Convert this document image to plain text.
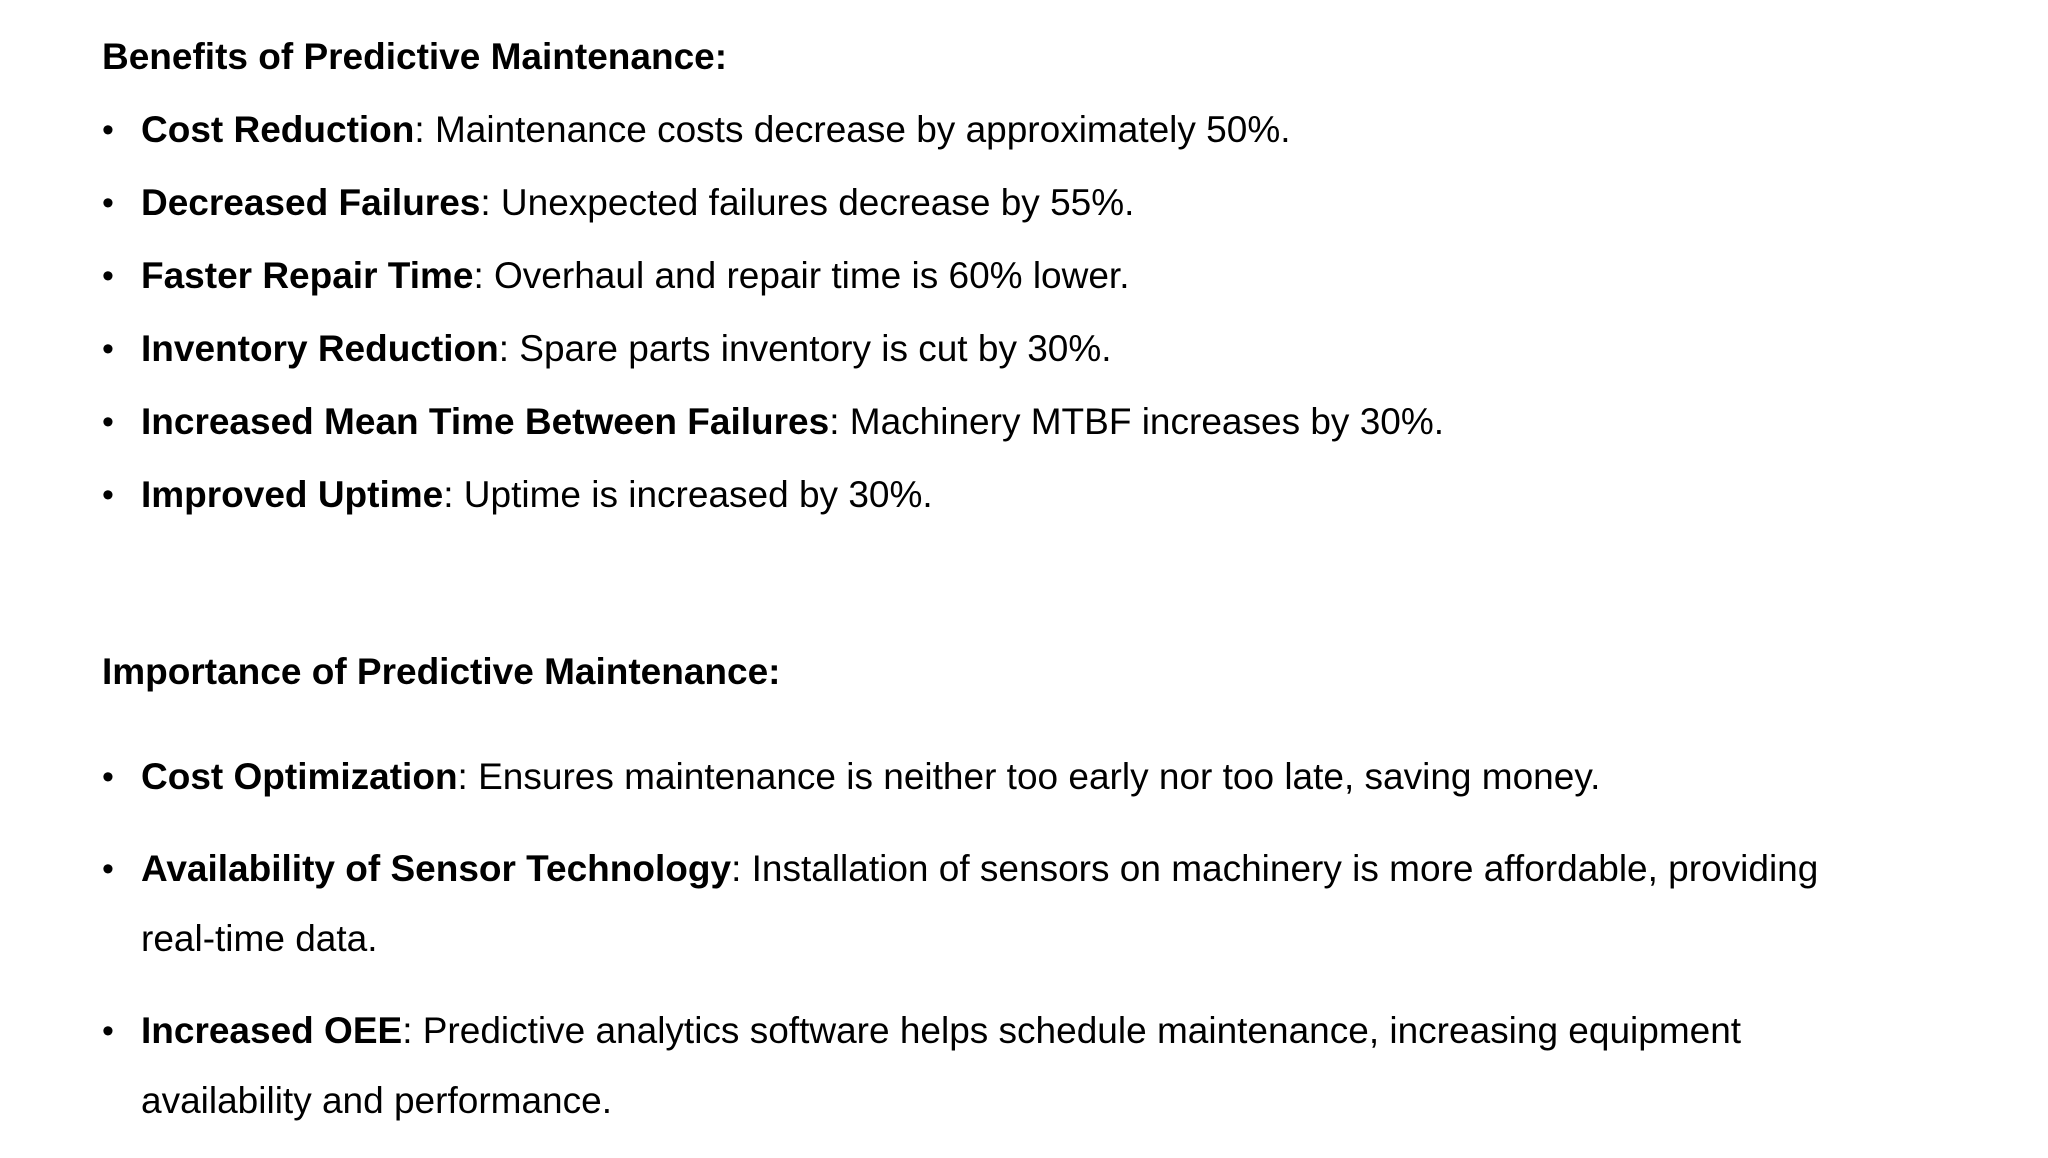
Benefits of Predictive Maintenance:
• Cost Reduction: Maintenance costs decrease by approximately 50%.
• Decreased Failures: Unexpected failures decrease by 55%.
• Faster Repair Time: Overhaul and repair time is 60% lower.
• Inventory Reduction: Spare parts inventory is cut by 30%.
• Increased Mean Time Between Failures: Machinery MTBF increases by 30%.
• Improved Uptime: Uptime is increased by 30%.
Importance of Predictive Maintenance:
• Cost Optimization: Ensures maintenance is neither too early nor too late, saving money.
• Availability of Sensor Technology: Installation of sensors on machinery is more affordable, providing real-time data.
• Increased OEE: Predictive analytics software helps schedule maintenance, increasing equipment availability and performance.
